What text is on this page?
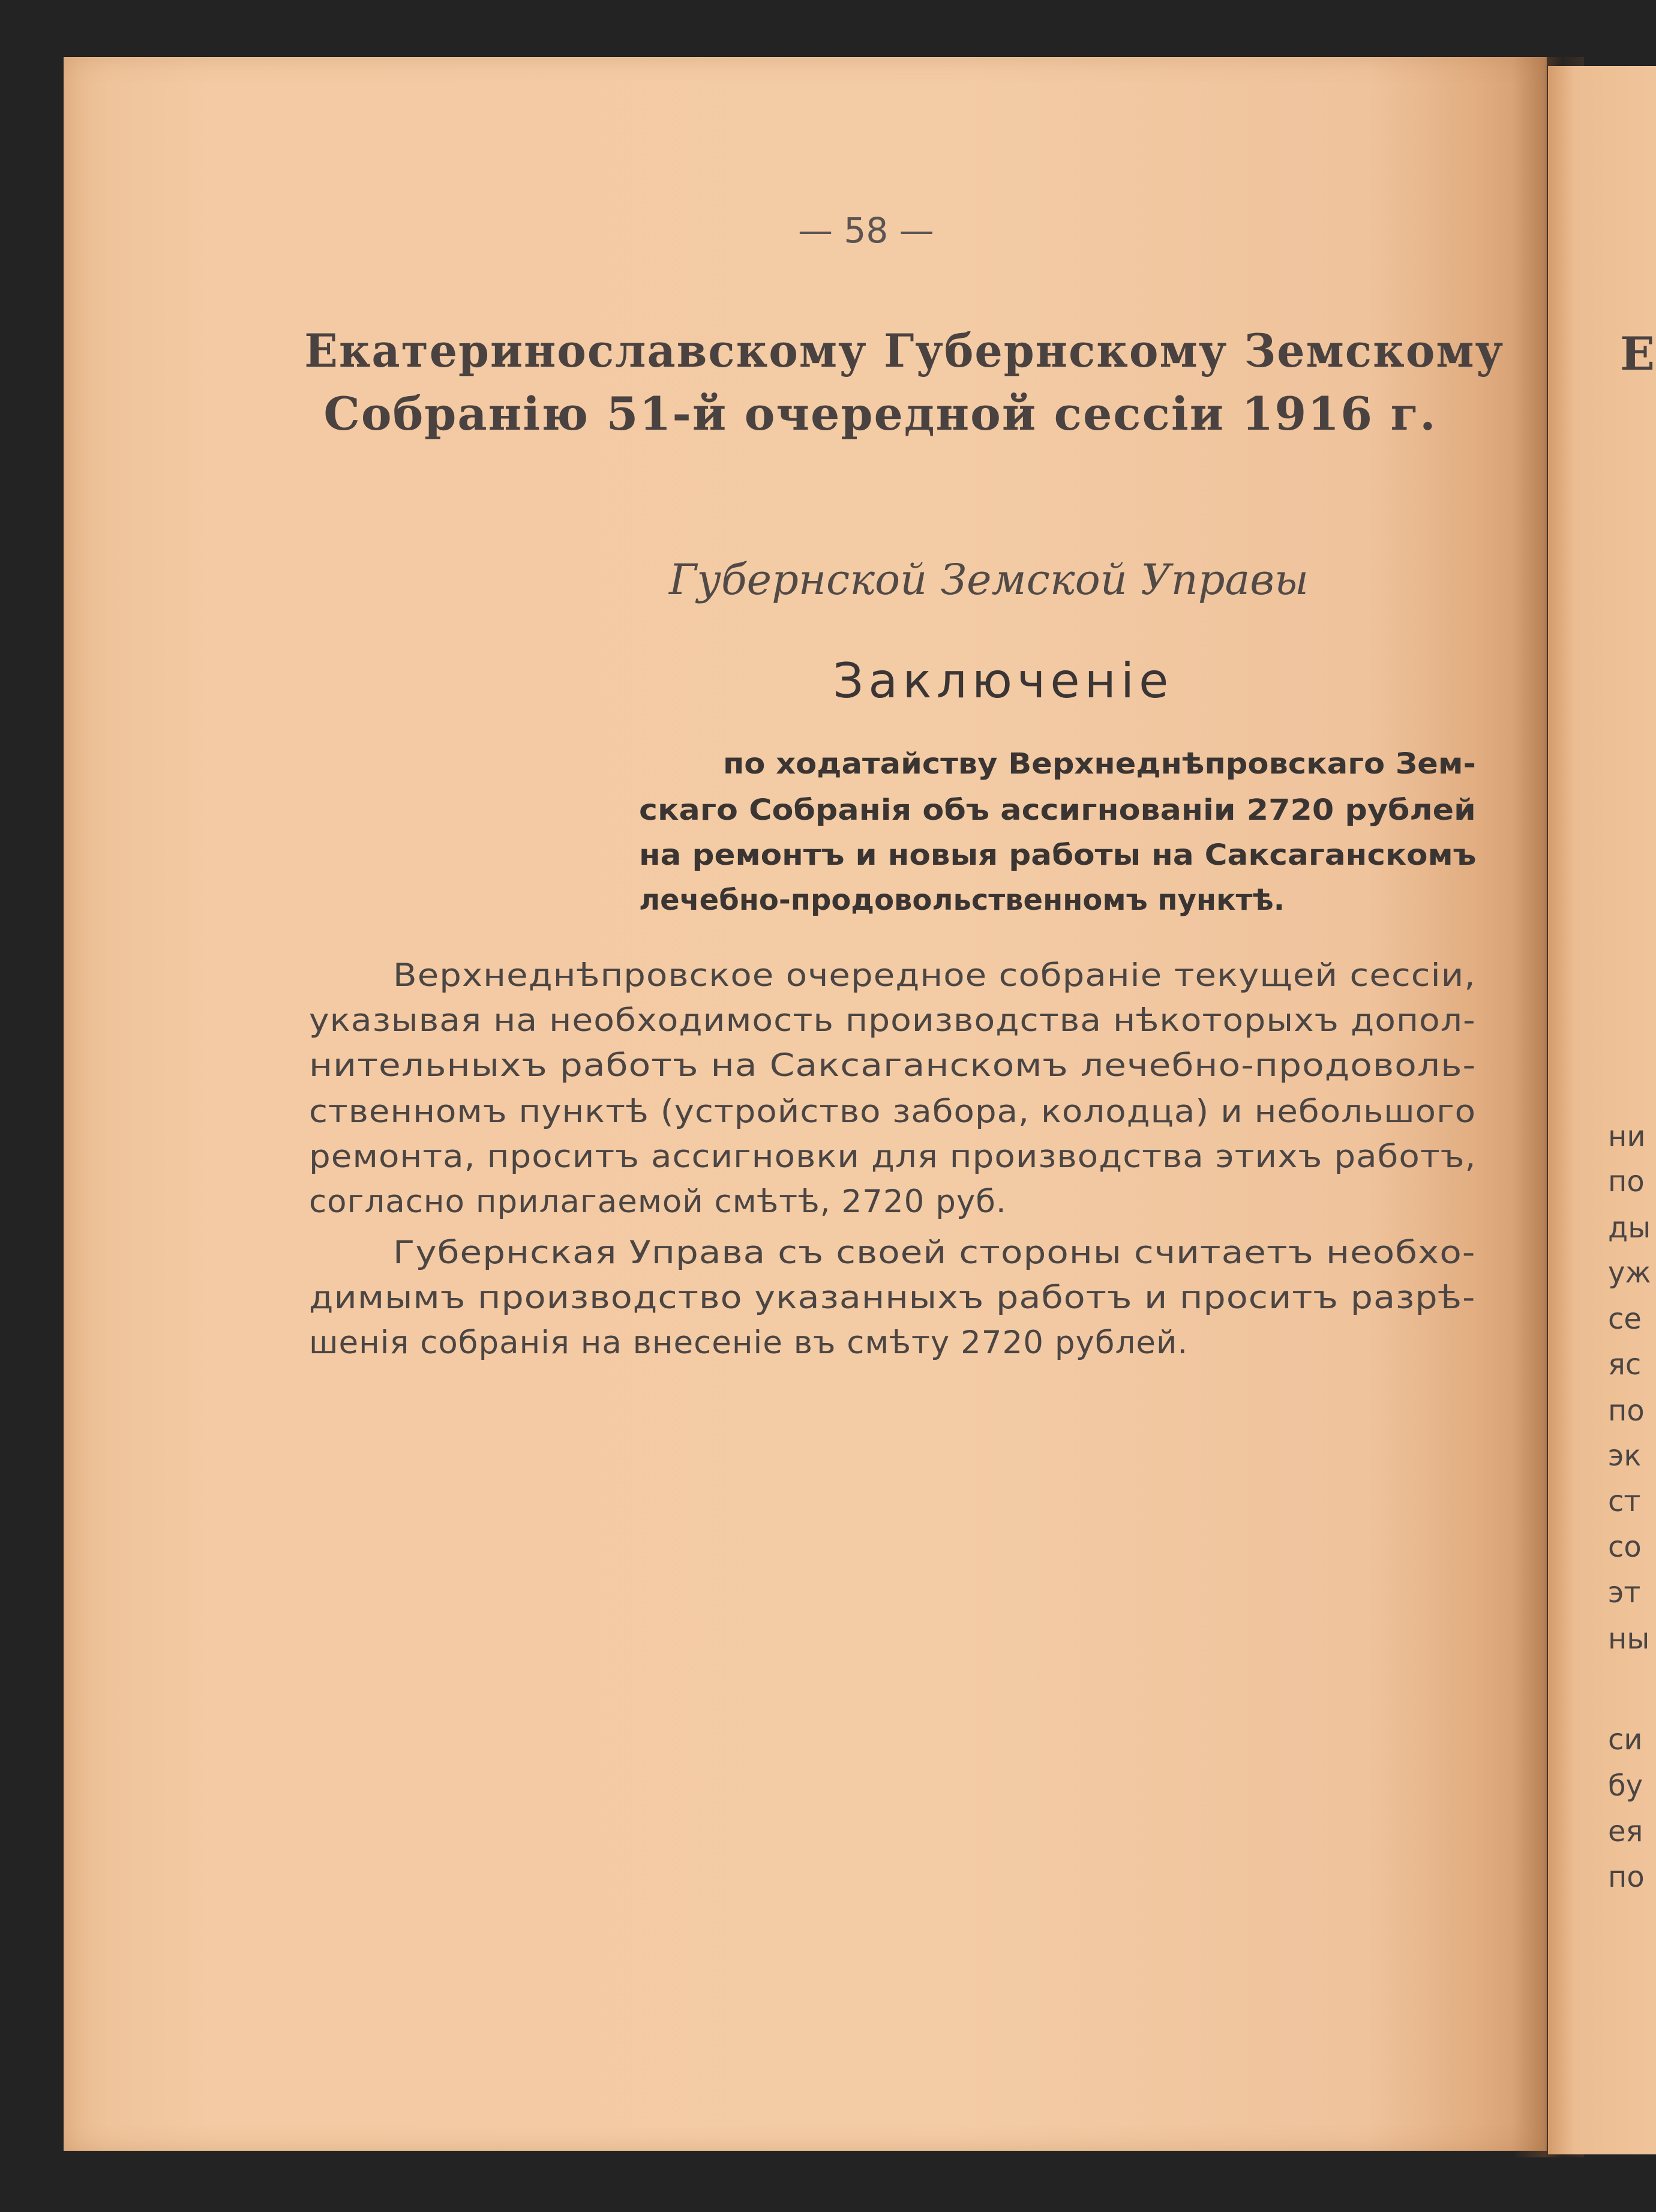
— 58 —

Екатеринославскому Губернскому Земскому

Собранію 51-й очередной сессіи 1916 г.

Губернской Земской Управы

Заключеніе

по ходатайству Верхнеднѣпровскаго Зем-

скаго Собранія объ ассигнованіи 2720 рублей

на ремонтъ и новыя работы на Саксаганскомъ

лечебно-продовольственномъ пунктѣ.

Верхнеднѣпровское очередное собраніе текущей сессіи,

указывая на необходимость производства нѣкоторыхъ допол-

нительныхъ работъ на Саксаганскомъ лечебно-продоволь-

ственномъ пунктѣ (устройство забора, колодца) и небольшого

ремонта, проситъ ассигновки для производства этихъ работъ,

согласно прилагаемой смѣтѣ, 2720 руб.

Губернская Управа съ своей стороны считаетъ необхо-

димымъ производство указанныхъ работъ и проситъ разрѣ-

шенія собранія на внесеніе въ смѣту 2720 рублей.

Е

ни

по

ды

уж

се

яс

по

эк

ст

со

эт

ны

си

бу

ея

по
